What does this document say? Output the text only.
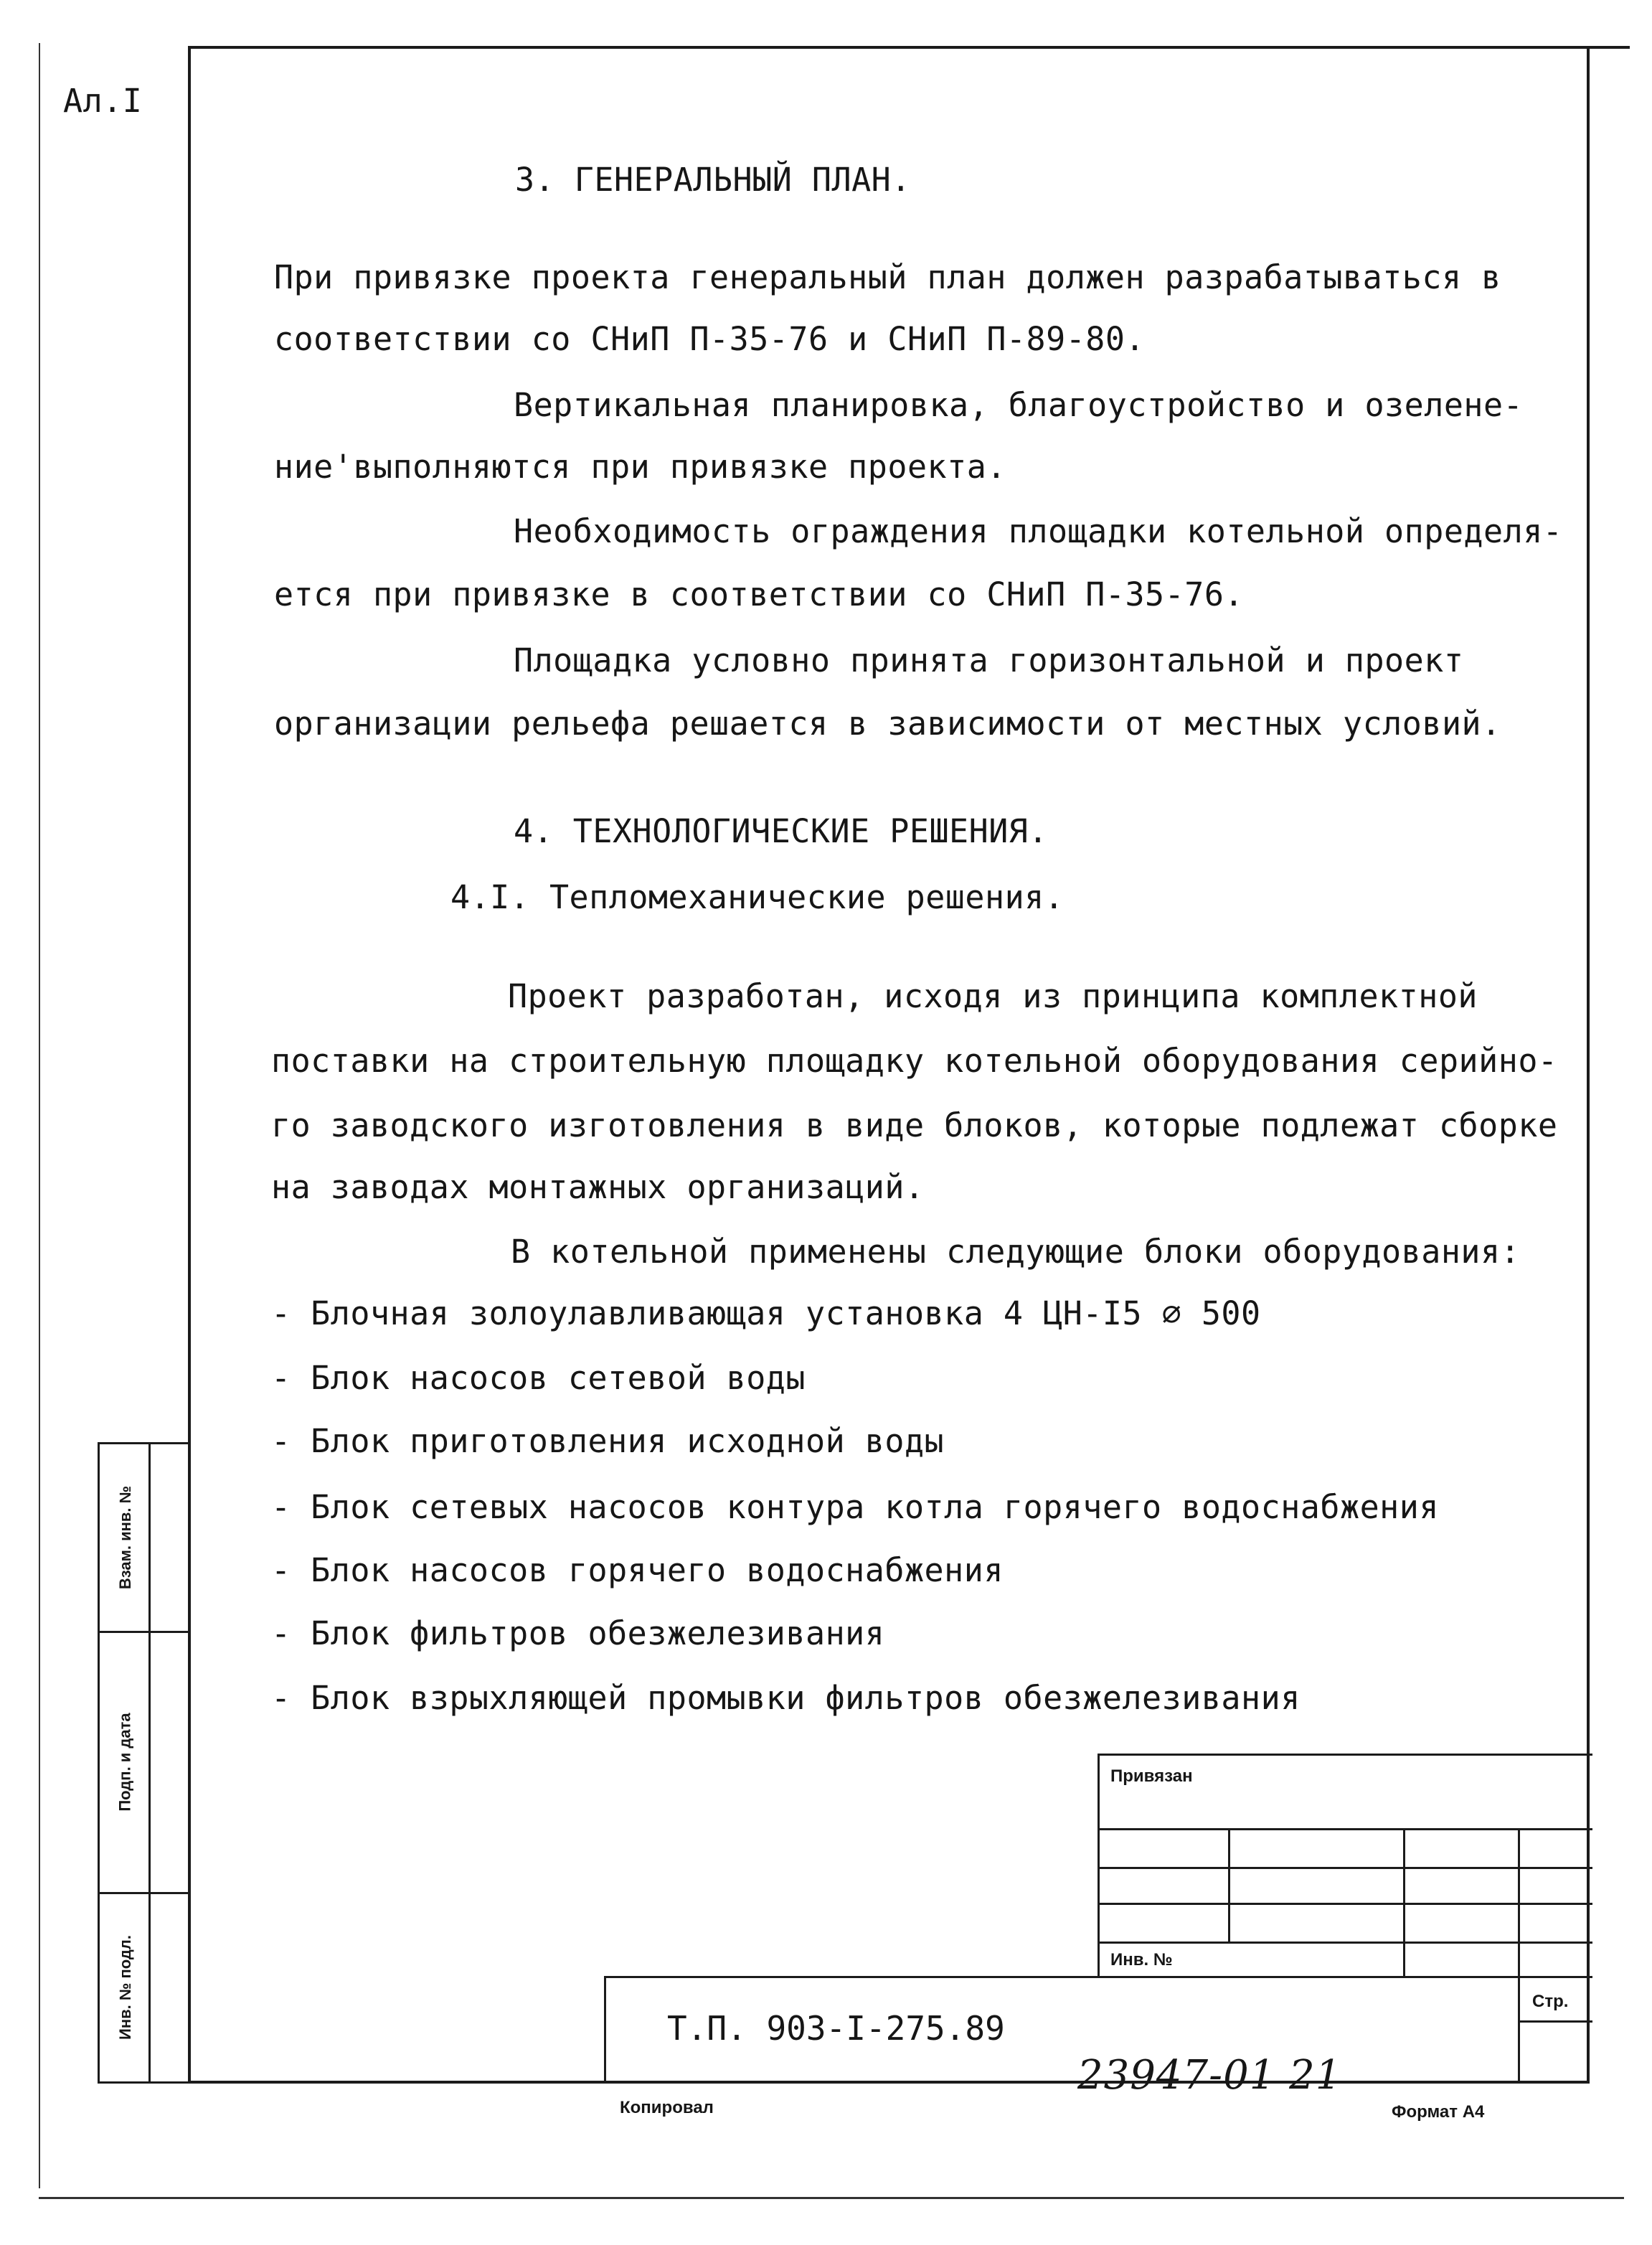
Ал.I
3. ГЕНЕРАЛЬНЫЙ ПЛАН.
При привязке проекта генеральный план должен разрабатываться в
соответствии со СНиП П-35-76 и СНиП П-89-80.
Вертикальная планировка, благоустройство и озелене-
ние'выполняются при привязке проекта.
Необходимость ограждения площадки котельной определя-
ется при привязке в соответствии со СНиП П-35-76.
Площадка условно принята горизонтальной и проект
организации рельефа решается в зависимости от местных условий.
4. ТЕХНОЛОГИЧЕСКИЕ РЕШЕНИЯ.
4.I. Тепломеханические решения.
Проект разработан, исходя из принципа комплектной
поставки на строительную площадку котельной оборудования серийно-
го заводского изготовления в виде блоков, которые подлежат сборке
на заводах монтажных организаций.
В котельной применены следующие блоки оборудования:
- Блочная золоулавливающая установка 4 ЦН-I5 ⌀ 500
- Блок насосов сетевой воды
- Блок приготовления исходной воды
- Блок сетевых насосов контура котла горячего водоснабжения
- Блок насосов горячего водоснабжения
- Блок фильтров обезжелезивания
- Блок взрыхляющей промывки фильтров обезжелезивания
Взам. инв. №
Подп. и дата
Инв. № подл.
Привязан
Инв. №
Стр.
Т.П. 903-I-275.89
Копировал
23947-01 21
Формат А4
